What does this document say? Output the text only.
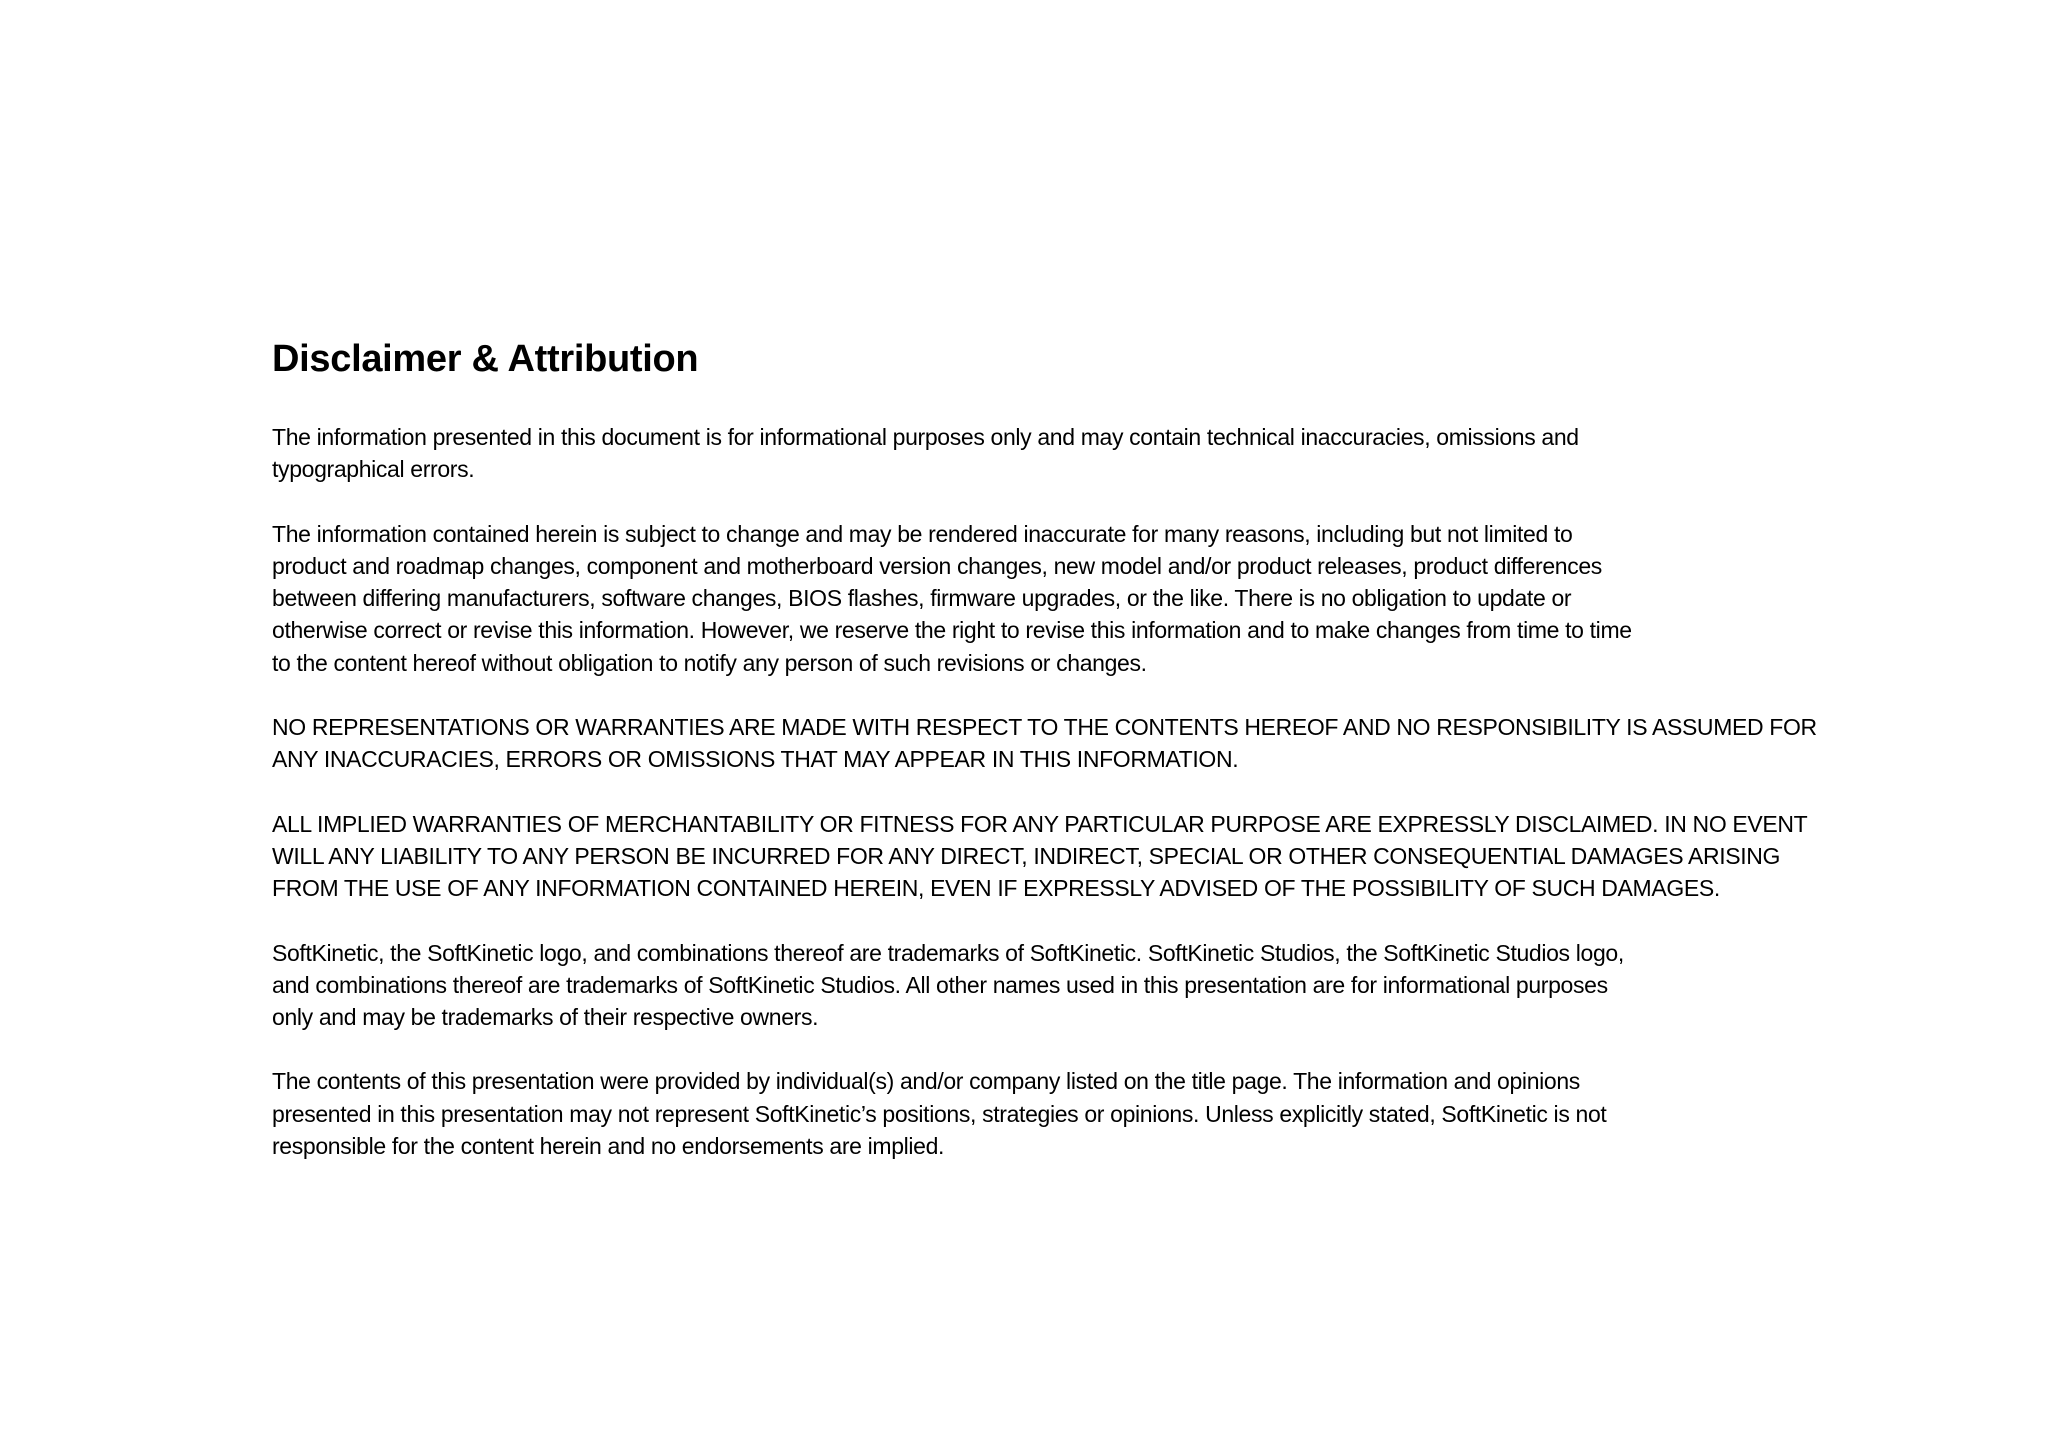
Disclaimer & Attribution

The information presented in this document is for informational purposes only and may contain technical inaccuracies, omissions and
typographical errors.

The information contained herein is subject to change and may be rendered inaccurate for many reasons, including but not limited to
product and roadmap changes, component and motherboard version changes, new model and/or product releases, product differences
between differing manufacturers, software changes, BIOS flashes, firmware upgrades, or the like. There is no obligation to update or
otherwise correct or revise this information. However, we reserve the right to revise this information and to make changes from time to time
to the content hereof without obligation to notify any person of such revisions or changes.

NO REPRESENTATIONS OR WARRANTIES ARE MADE WITH RESPECT TO THE CONTENTS HEREOF AND NO RESPONSIBILITY IS ASSUMED FOR
ANY INACCURACIES, ERRORS OR OMISSIONS THAT MAY APPEAR IN THIS INFORMATION.

ALL IMPLIED WARRANTIES OF MERCHANTABILITY OR FITNESS FOR ANY PARTICULAR PURPOSE ARE EXPRESSLY DISCLAIMED. IN NO EVENT
WILL ANY LIABILITY TO ANY PERSON BE INCURRED FOR ANY DIRECT, INDIRECT, SPECIAL OR OTHER CONSEQUENTIAL DAMAGES ARISING
FROM THE USE OF ANY INFORMATION CONTAINED HEREIN, EVEN IF EXPRESSLY ADVISED OF THE POSSIBILITY OF SUCH DAMAGES.

SoftKinetic, the SoftKinetic logo, and combinations thereof are trademarks of SoftKinetic. SoftKinetic Studios, the SoftKinetic Studios logo,
and combinations thereof are trademarks of SoftKinetic Studios. All other names used in this presentation are for informational purposes
only and may be trademarks of their respective owners.

The contents of this presentation were provided by individual(s) and/or company listed on the title page. The information and opinions
presented in this presentation may not represent SoftKinetic’s positions, strategies or opinions. Unless explicitly stated, SoftKinetic is not
responsible for the content herein and no endorsements are implied.
